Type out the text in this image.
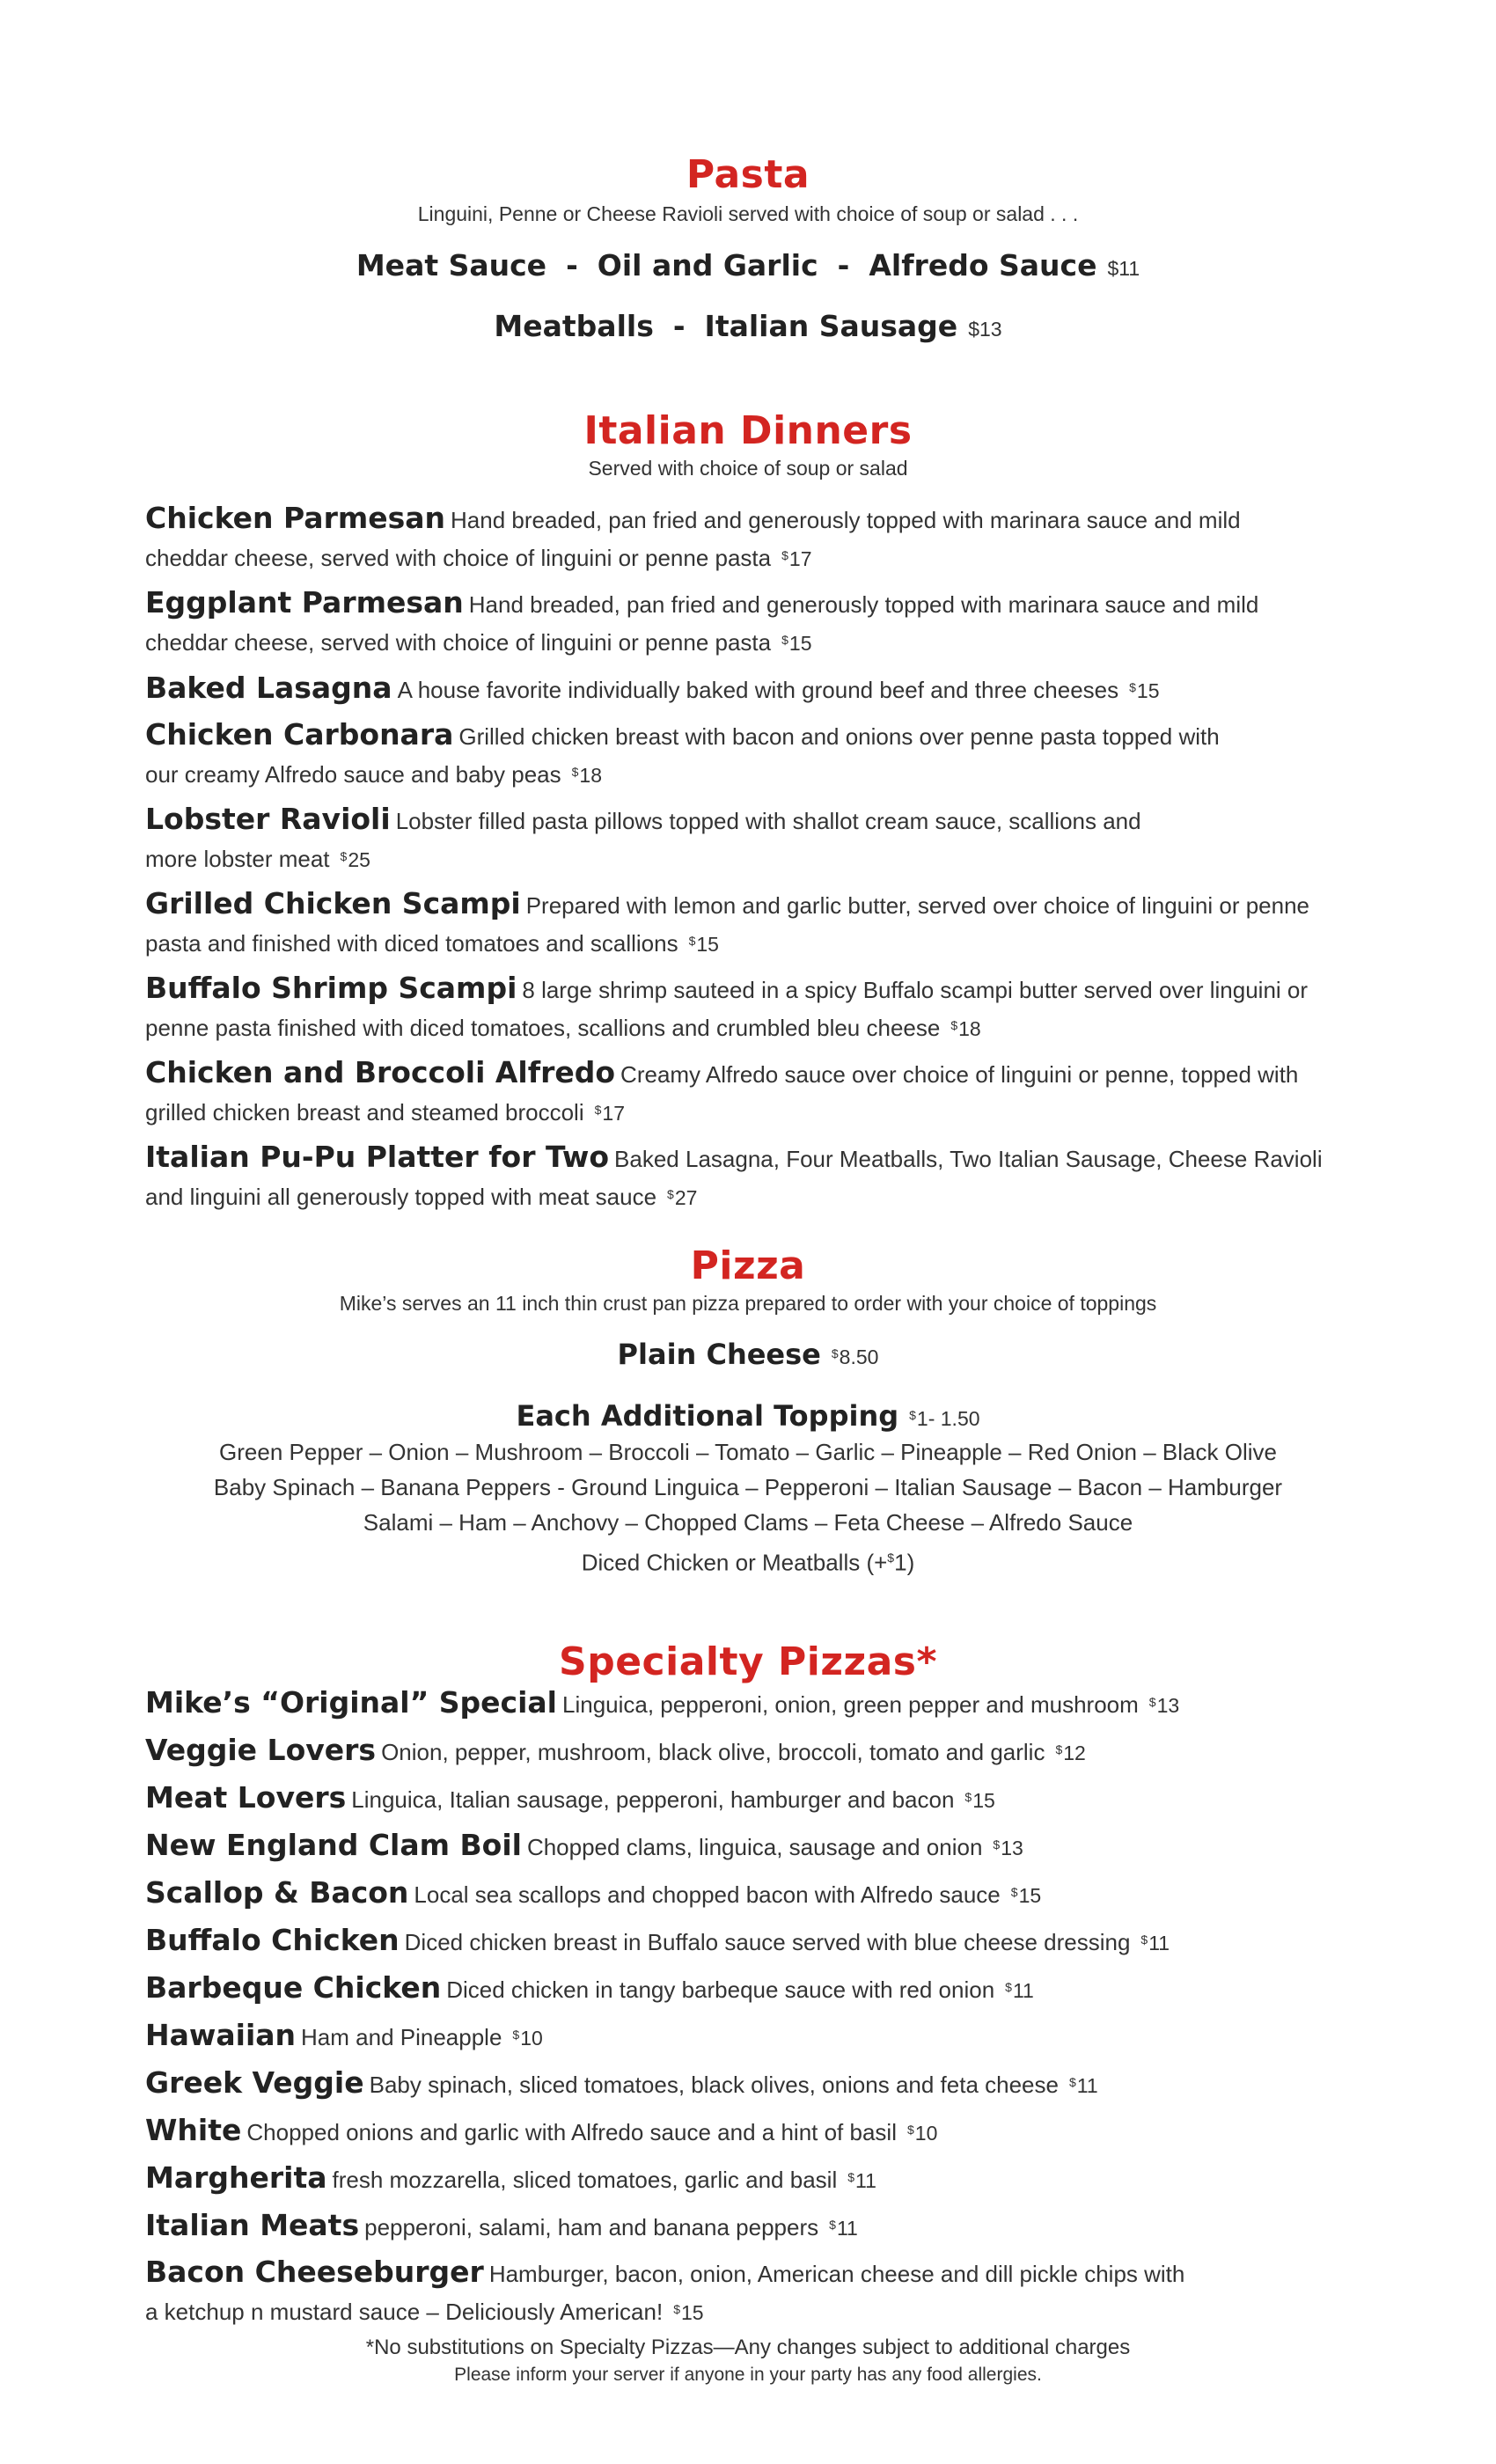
Pasta
Linguini, Penne or Cheese Ravioli served with choice of soup or salad . . .
Meat Sauce - Oil and Garlic - Alfredo Sauce $11
Meatballs - Italian Sausage $13
Italian Dinners
Served with choice of soup or salad
Chicken Parmesan Hand breaded, pan fried and generously topped with marinara sauce and mild
cheddar cheese, served with choice of linguini or penne pasta $17
Eggplant Parmesan Hand breaded, pan fried and generously topped with marinara sauce and mild
cheddar cheese, served with choice of linguini or penne pasta $15
Baked Lasagna A house favorite individually baked with ground beef and three cheeses $15
Chicken Carbonara Grilled chicken breast with bacon and onions over penne pasta topped with
our creamy Alfredo sauce and baby peas $18
Lobster Ravioli Lobster filled pasta pillows topped with shallot cream sauce, scallions and
more lobster meat $25
Grilled Chicken Scampi Prepared with lemon and garlic butter, served over choice of linguini or penne
pasta and finished with diced tomatoes and scallions $15
Buffalo Shrimp Scampi 8 large shrimp sauteed in a spicy Buffalo scampi butter served over linguini or
penne pasta finished with diced tomatoes, scallions and crumbled bleu cheese $18
Chicken and Broccoli Alfredo Creamy Alfredo sauce over choice of linguini or penne, topped with
grilled chicken breast and steamed broccoli $17
Italian Pu-Pu Platter for Two Baked Lasagna, Four Meatballs, Two Italian Sausage, Cheese Ravioli
and linguini all generously topped with meat sauce $27
Pizza
Mike’s serves an 11 inch thin crust pan pizza prepared to order with your choice of toppings
Plain Cheese $8.50
Each Additional Topping $1- 1.50
Green Pepper – Onion – Mushroom – Broccoli – Tomato – Garlic – Pineapple – Red Onion – Black Olive
Baby Spinach – Banana Peppers - Ground Linguica – Pepperoni – Italian Sausage – Bacon – Hamburger
Salami – Ham – Anchovy – Chopped Clams – Feta Cheese – Alfredo Sauce
Diced Chicken or Meatballs (+$1)
Specialty Pizzas*
Mike’s “Original” Special Linguica, pepperoni, onion, green pepper and mushroom $13
Veggie Lovers Onion, pepper, mushroom, black olive, broccoli, tomato and garlic $12
Meat Lovers Linguica, Italian sausage, pepperoni, hamburger and bacon $15
New England Clam Boil Chopped clams, linguica, sausage and onion $13
Scallop & Bacon Local sea scallops and chopped bacon with Alfredo sauce $15
Buffalo Chicken Diced chicken breast in Buffalo sauce served with blue cheese dressing $11
Barbeque Chicken Diced chicken in tangy barbeque sauce with red onion $11
Hawaiian Ham and Pineapple $10
Greek Veggie Baby spinach, sliced tomatoes, black olives, onions and feta cheese $11
White Chopped onions and garlic with Alfredo sauce and a hint of basil $10
Margherita fresh mozzarella, sliced tomatoes, garlic and basil $11
Italian Meats pepperoni, salami, ham and banana peppers $11
Bacon Cheeseburger Hamburger, bacon, onion, American cheese and dill pickle chips with
a ketchup n mustard sauce – Deliciously American! $15
*No substitutions on Specialty Pizzas—Any changes subject to additional charges
Please inform your server if anyone in your party has any food allergies.
